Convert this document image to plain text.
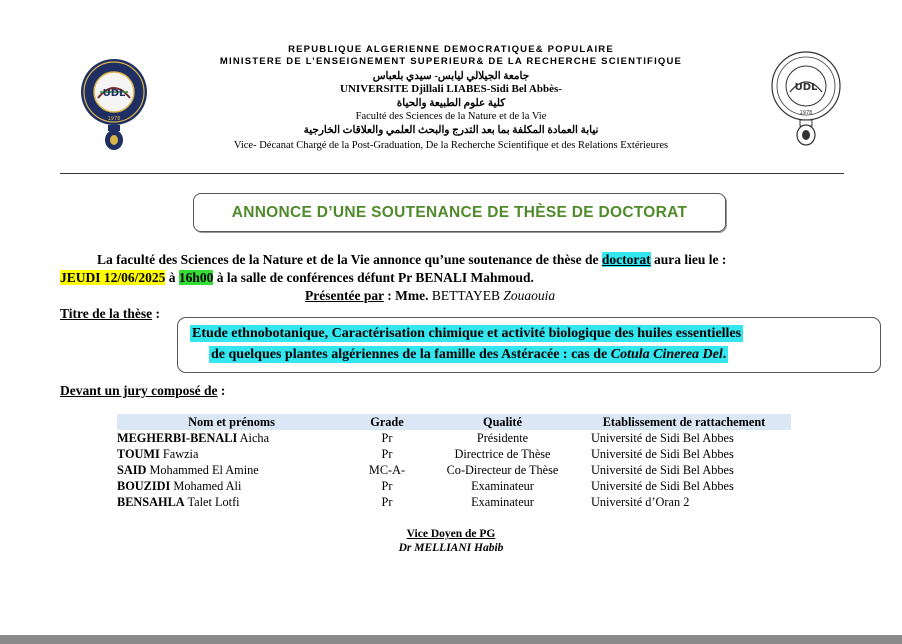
UDL
1978
UDL
1978
REPUBLIQUE ALGERIENNE DEMOCRATIQUE& POPULAIRE
MINISTERE DE L’ENSEIGNEMENT SUPERIEUR& DE LA RECHERCHE SCIENTIFIQUE
جامعة الجيلالي ليابس- سيدي بلعباس
UNIVERSITE Djillali LIABES-Sidi Bel Abbès-
كلية علوم الطبيعة والحياة
Faculté des Sciences de la Nature et de la Vie
نيابة العمادة المكلفة بما بعد التدرج والبحث العلمي والعلاقات الخارجية
Vice- Décanat Chargé de la Post-Graduation, De la Recherche Scientifique et des Relations Extérieures
ANNONCE D’UNE SOUTENANCE DE THÈSE DE DOCTORAT
La faculté des Sciences de la Nature et de la Vie annonce qu’une soutenance de thèse de doctorat aura lieu le :
JEUDI 12/06/2025 à 16h00 à la salle de conférences défunt Pr BENALI Mahmoud.
Présentée par : Mme. BETTAYEB Zouaouia
Titre de la thèse :
Etude ethnobotanique, Caractérisation chimique et activité biologique des huiles essentielles
de quelques plantes algériennes de la famille des Astéracée : cas de Cotula Cinerea Del.
Devant un jury composé de :
Nom et prénoms	Grade	Qualité	Etablissement de rattachement
MEGHERBI-BENALI Aicha	Pr	Présidente	Université de Sidi Bel Abbes
TOUMI Fawzia	Pr	Directrice de Thèse	Université de Sidi Bel Abbes
SAID Mohammed El Amine	MC-A-	Co-Directeur de Thèse	Université de Sidi Bel Abbes
BOUZIDI Mohamed Ali	Pr	Examinateur	Université de Sidi Bel Abbes
BENSAHLA Talet Lotfi	Pr	Examinateur	Université d’Oran 2
Vice Doyen de PG
Dr MELLIANI Habib
